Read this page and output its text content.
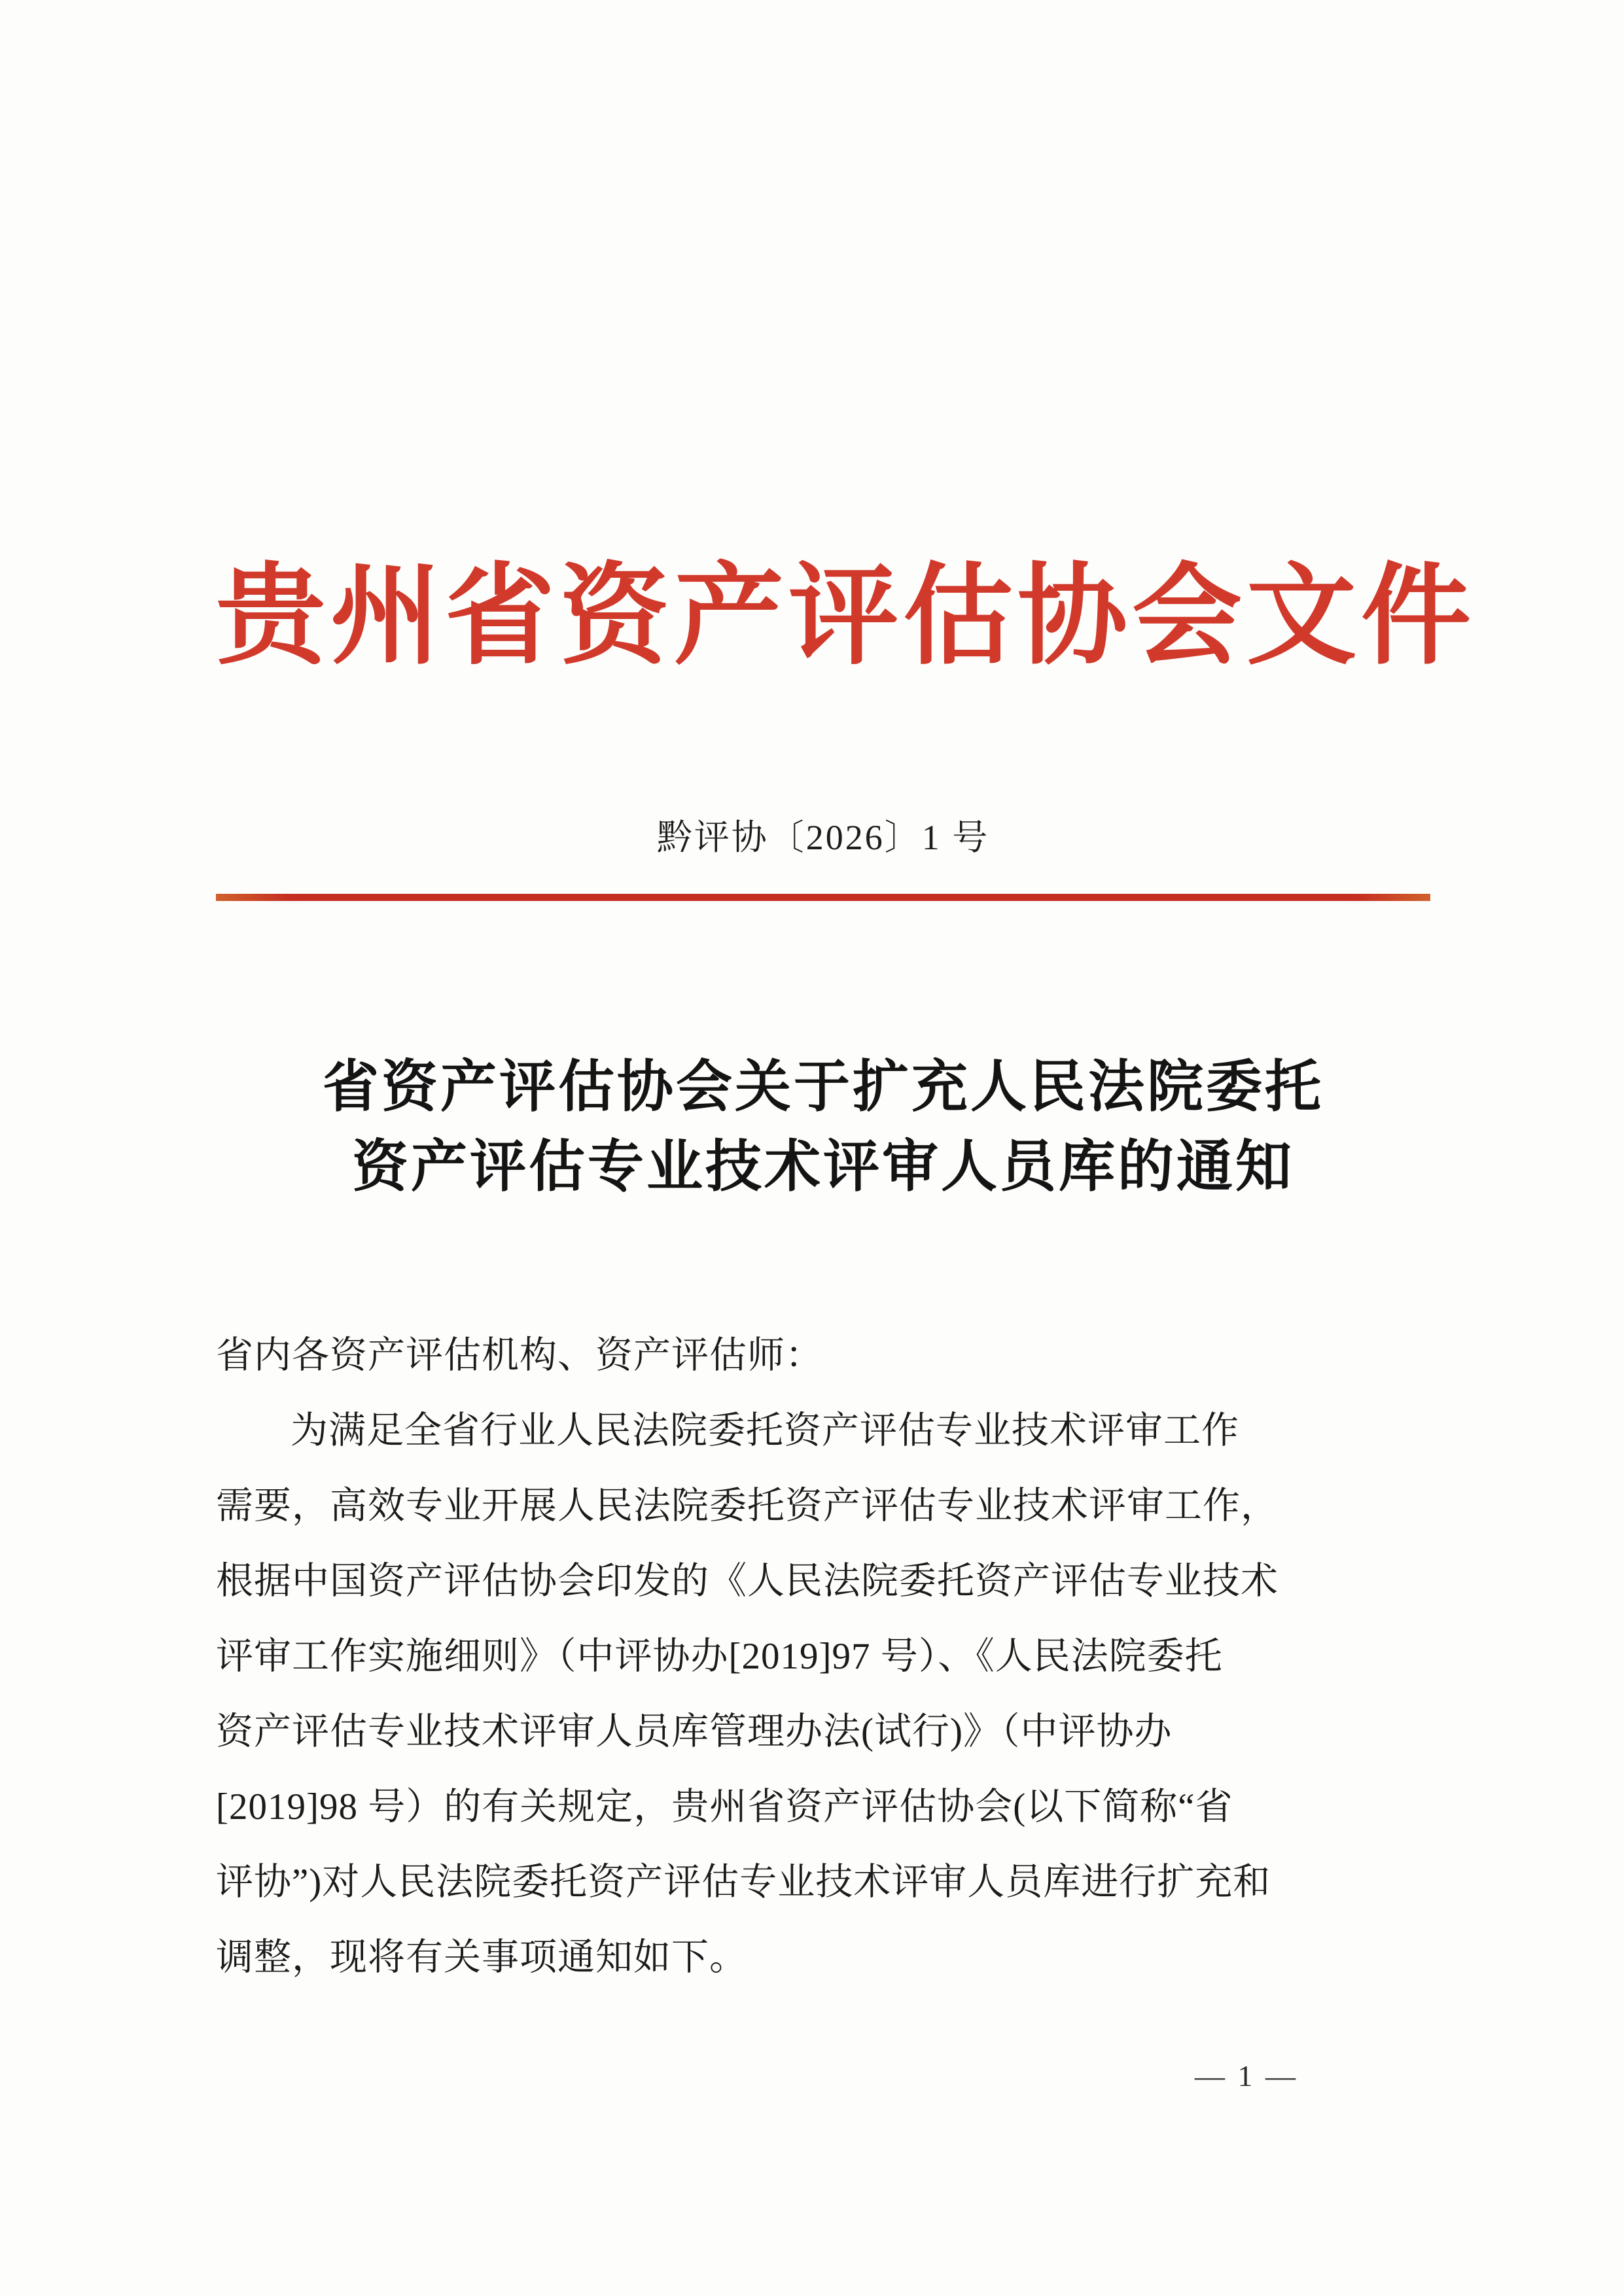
贵州省资产评估协会文件
黔评协〔2026〕1 号
省资产评估协会关于扩充人民法院委托
资产评估专业技术评审人员库的通知
省内各资产评估机构、资产评估师：
为满足全省行业人民法院委托资产评估专业技术评审工作
需要，高效专业开展人民法院委托资产评估专业技术评审工作，
根据中国资产评估协会印发的《人民法院委托资产评估专业技术
评审工作实施细则》（中评协办[2019]97 号）、《人民法院委托
资产评估专业技术评审人员库管理办法(试行)》（中评协办
[2019]98 号）的有关规定，贵州省资产评估协会(以下简称“省
评协”)对人民法院委托资产评估专业技术评审人员库进行扩充和
调整，现将有关事项通知如下。
— 1 —
